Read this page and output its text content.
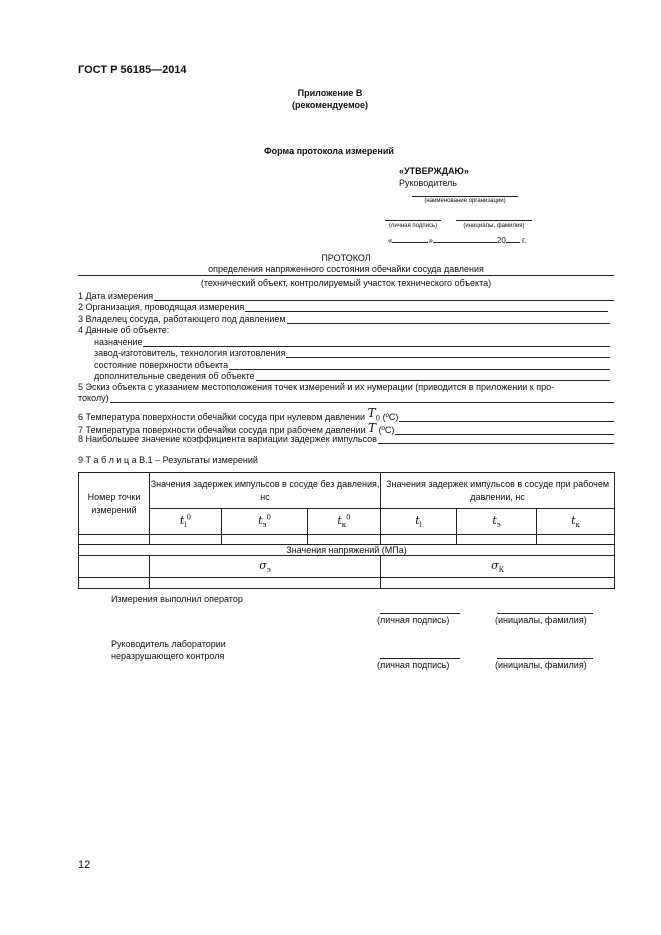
ГОСТ Р 56185—2014
Приложение В
(рекомендуемое)
Форма протокола измерений
«УТВЕРЖДАЮ»
Руководитель
(наименование организации)
(личная подпись)	(инициалы, фамилия)
«	»	20 г.
ПРОТОКОЛ
определения напряженного состояния обечайки сосуда давления
(технический объект, контролируемый участок технического объекта)
1 Дата измерения
2 Организация, проводящая измерения
3 Владелец сосуда, работающего под давлением
4 Данные об объекте:
назначение
завод-изготовитель, технология изготовления
состояние поверхности объекта
дополнительные сведения об объекте
5 Эскиз объекта с указанием местоположения точек измерений и их нумерации (приводится в приложении к про-
токолу)
6 Температура поверхности обечайки сосуда при нулевом давлении
$T_0$
(ºC)
7 Температура поверхности обечайки сосуда при рабочем давлении
T
(ºC)
8 Наибольшее значение коэффициента вариации задержек импульсов
9 Т а б л и ц а В.1 – Результаты измерений
Номер точки измерений	Значения задержек импульсов в сосуде без давления, нс			Значения задержек импульсов в сосуде при рабочем давлении, нс		
	$t_l^0$	$t_э^0$	$t_к^0$	$t_l$	$t_э$	$t_к$

Значения напряжений (МПа)						
	$\sigma_э$			$\sigma_К$

Измерения выполнил оператор
(личная подпись)	(инициалы, фамилия)
Руководитель лаборатории
неразрушающего контроля
(личная подпись)	(инициалы, фамилия)
12
